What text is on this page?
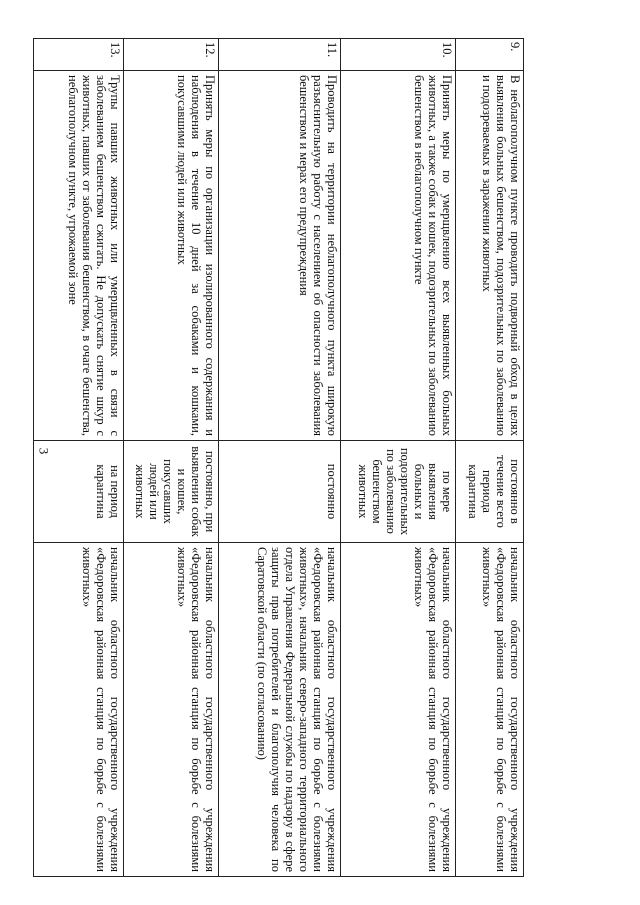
3
9.	В неблагополучном пункте проводить подворный обход в целях выявления больных бешенством, подозрительных по заболеванию и подозреваемых в заражении животных	постоянно в течение всего периода карантина	начальник областного государственного учреждения «Федоровская районная станция по борьбе с болезнями животных»
10.	Принять меры по умерщвлению всех выявленных больных животных, а также собак и кошек, подозрительных по заболеванию бешенством в неблагополучном пункте	по мере выявления больных и подозрительных по заболеванию бешенством животных	начальник областного государственного учреждения «Федоровская районная станция по борьбе с болезнями животных»
11.	Проводить на территории неблагополучного пункта широкую разъяснительную работу с населением об опасности заболевания бешенством и мерах его предупреждения	постоянно	начальник областного государственного учреждения «Федоровская районная станция по борьбе с болезнями животных», начальник северо-западного территориального отдела Управления Федеральной службы по надзору в сфере защиты прав потребителей и благополучия человека по Саратовской области (по согласованию)
12.	Принять меры по организации изолированного содержания и наблюдения в течение 10 дней за собаками и кошками, покусавшими людей или животных	постоянно, при выявлении собак и кошек, покусавших людей или животных	начальник областного государственного учреждения «Федоровская районная станция по борьбе с болезнями животных»
13.	Трупы павших животных или умерщвленных в связи с заболеванием бешенством сжигать. Не допускать снятие шкур с животных, павших от заболевания бешенством, в очаге бешенства, неблагополучном пункте, угрожаемой зоне	на период карантина	начальник областного государственного учреждения «Федоровская районная станция по борьбе с болезнями животных»
